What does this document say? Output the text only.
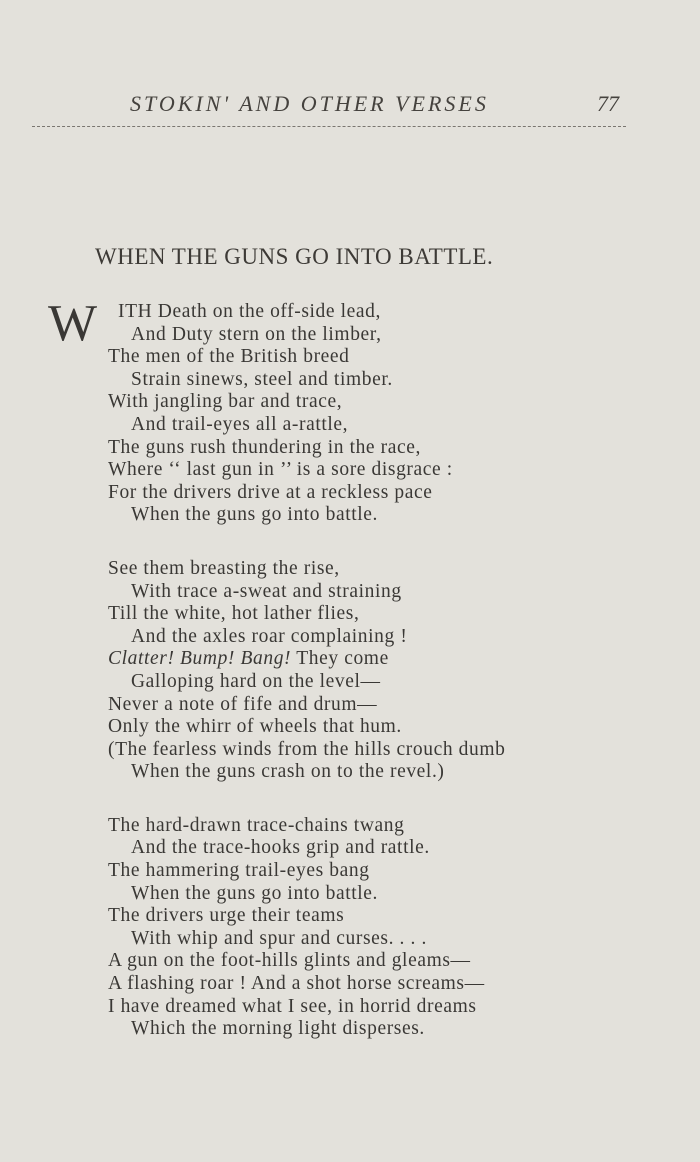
STOKIN' AND OTHER VERSES	77
WHEN THE GUNS GO INTO BATTLE.
W	ITH Death on the off-side lead,
And Duty stern on the limber,
The men of the British breed
Strain sinews, steel and timber.
With jangling bar and trace,
And trail-eyes all a-rattle,
The guns rush thundering in the race,
Where ‘‘ last gun in ’’ is a sore disgrace :
For the drivers drive at a reckless pace
When the guns go into battle.
See them breasting the rise,
With trace a-sweat and straining
Till the white, hot lather flies,
And the axles roar complaining !
Clatter! Bump! Bang! They come
Galloping hard on the level—
Never a note of fife and drum—
Only the whirr of wheels that hum.
(The fearless winds from the hills crouch dumb
When the guns crash on to the revel.)
The hard-drawn trace-chains twang
And the trace-hooks grip and rattle.
The hammering trail-eyes bang
When the guns go into battle.
The drivers urge their teams
With whip and spur and curses. . . .
A gun on the foot-hills glints and gleams—
A flashing roar ! And a shot horse screams—
I have dreamed what I see, in horrid dreams
Which the morning light disperses.
